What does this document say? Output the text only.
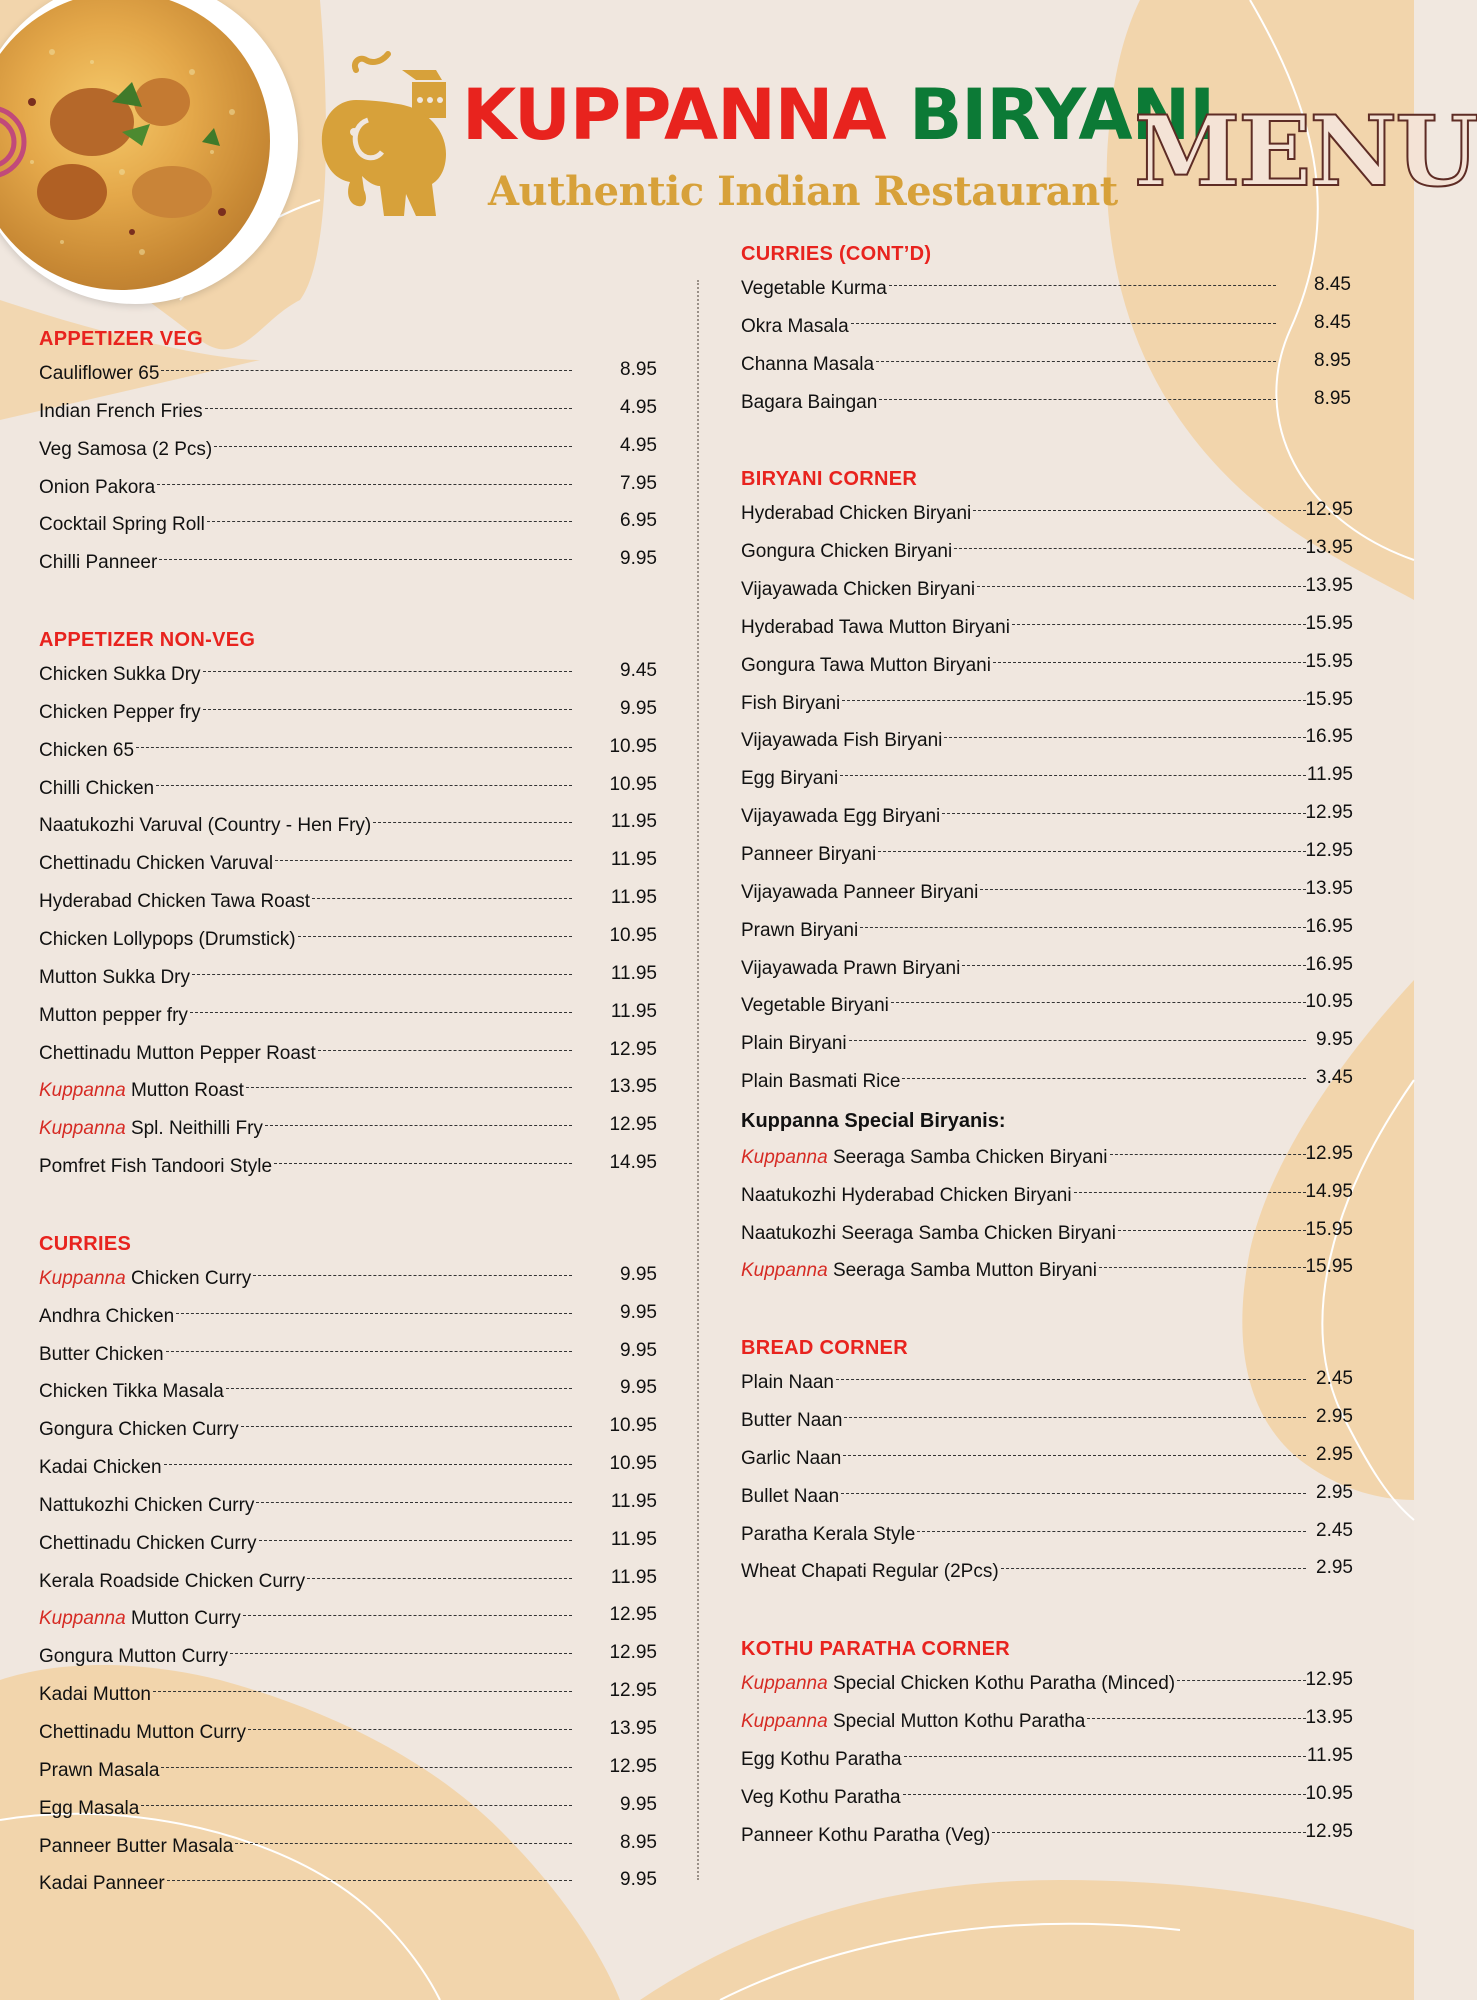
KUPPANNA BIRYANI
Authentic Indian Restaurant MENU
APPETIZER VEG
Cauliflower 65	8.95
Indian French Fries	4.95
Veg Samosa (2 Pcs)	4.95
Onion Pakora	7.95
Cocktail Spring Roll	6.95
Chilli Panneer	9.95
APPETIZER NON-VEG
Chicken Sukka Dry	9.45
Chicken Pepper fry	9.95
Chicken 65	10.95
Chilli Chicken	10.95
Naatukozhi Varuval (Country - Hen Fry)	11.95
Chettinadu Chicken Varuval	11.95
Hyderabad Chicken Tawa Roast	11.95
Chicken Lollypops (Drumstick)	10.95
Mutton Sukka Dry	11.95
Mutton pepper fry	11.95
Chettinadu Mutton Pepper Roast	12.95
Kuppanna Mutton Roast	13.95
Kuppanna Spl. Neithilli Fry	12.95
Pomfret Fish Tandoori Style	14.95
CURRIES
Kuppanna Chicken Curry	9.95
Andhra Chicken	9.95
Butter Chicken	9.95
Chicken Tikka Masala	9.95
Gongura Chicken Curry	10.95
Kadai Chicken	10.95
Nattukozhi Chicken Curry	11.95
Chettinadu Chicken Curry	11.95
Kerala Roadside Chicken Curry	11.95
Kuppanna Mutton Curry	12.95
Gongura Mutton Curry	12.95
Kadai Mutton	12.95
Chettinadu Mutton Curry	13.95
Prawn Masala	12.95
Egg Masala	9.95
Panneer Butter Masala	8.95
Kadai Panneer	9.95
CURRIES (CONT’D)
Vegetable Kurma	8.45
Okra Masala	8.45
Channa Masala	8.95
Bagara Baingan	8.95
BIRYANI CORNER
Hyderabad Chicken Biryani	12.95
Gongura Chicken Biryani	13.95
Vijayawada Chicken Biryani	13.95
Hyderabad Tawa Mutton Biryani	15.95
Gongura Tawa Mutton Biryani	15.95
Fish Biryani	15.95
Vijayawada Fish Biryani	16.95
Egg Biryani	11.95
Vijayawada Egg Biryani	12.95
Panneer Biryani	12.95
Vijayawada Panneer Biryani	13.95
Prawn Biryani	16.95
Vijayawada Prawn Biryani	16.95
Vegetable Biryani	10.95
Plain Biryani	9.95
Plain Basmati Rice	3.45
Kuppanna Special Biryanis:
Kuppanna Seeraga Samba Chicken Biryani	12.95
Naatukozhi Hyderabad Chicken Biryani	14.95
Naatukozhi Seeraga Samba Chicken Biryani	15.95
Kuppanna Seeraga Samba Mutton Biryani	15.95
BREAD CORNER
Plain Naan	2.45
Butter Naan	2.95
Garlic Naan	2.95
Bullet Naan	2.95
Paratha Kerala Style	2.45
Wheat Chapati Regular (2Pcs)	2.95
KOTHU PARATHA CORNER
Kuppanna Special Chicken Kothu Paratha (Minced)	12.95
Kuppanna Special Mutton Kothu Paratha	13.95
Egg Kothu Paratha	11.95
Veg Kothu Paratha	10.95
Panneer Kothu Paratha (Veg)	12.95
